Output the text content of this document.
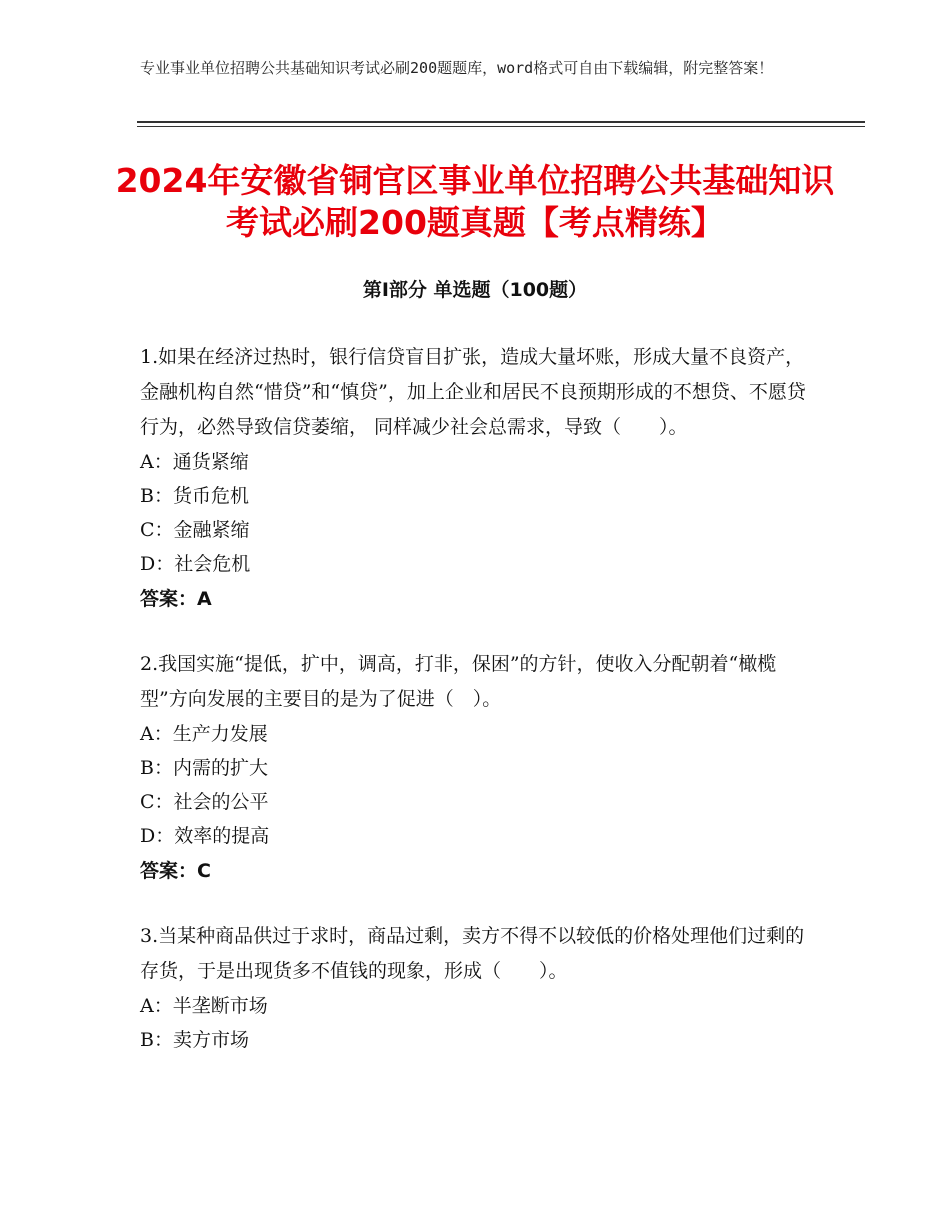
专业事业单位招聘公共基础知识考试必刷200题题库，word格式可自由下载编辑，附完整答案！
2024年安徽省铜官区事业单位招聘公共基础知识考试必刷200题真题【考点精练】
第Ⅰ部分 单选题（100题）

1.如果在经济过热时，银行信贷盲目扩张，造成大量坏账，形成大量不良资产，金融机构自然“惜贷”和“慎贷”，加上企业和居民不良预期形成的不想贷、不愿贷行为，必然导致信贷萎缩， 同样减少社会总需求，导致（　　）。

A：通货紧缩

B：货币危机

C：金融紧缩

D：社会危机

答案：A

2.我国实施“提低，扩中，调高，打非，保困”的方针，使收入分配朝着“橄榄型”方向发展的主要目的是为了促进（　）。

A：生产力发展

B：内需的扩大

C：社会的公平

D：效率的提高

答案：C

3.当某种商品供过于求时，商品过剩，卖方不得不以较低的价格处理他们过剩的存货，于是出现货多不值钱的现象，形成（　　）。

A：半垄断市场

B：卖方市场
